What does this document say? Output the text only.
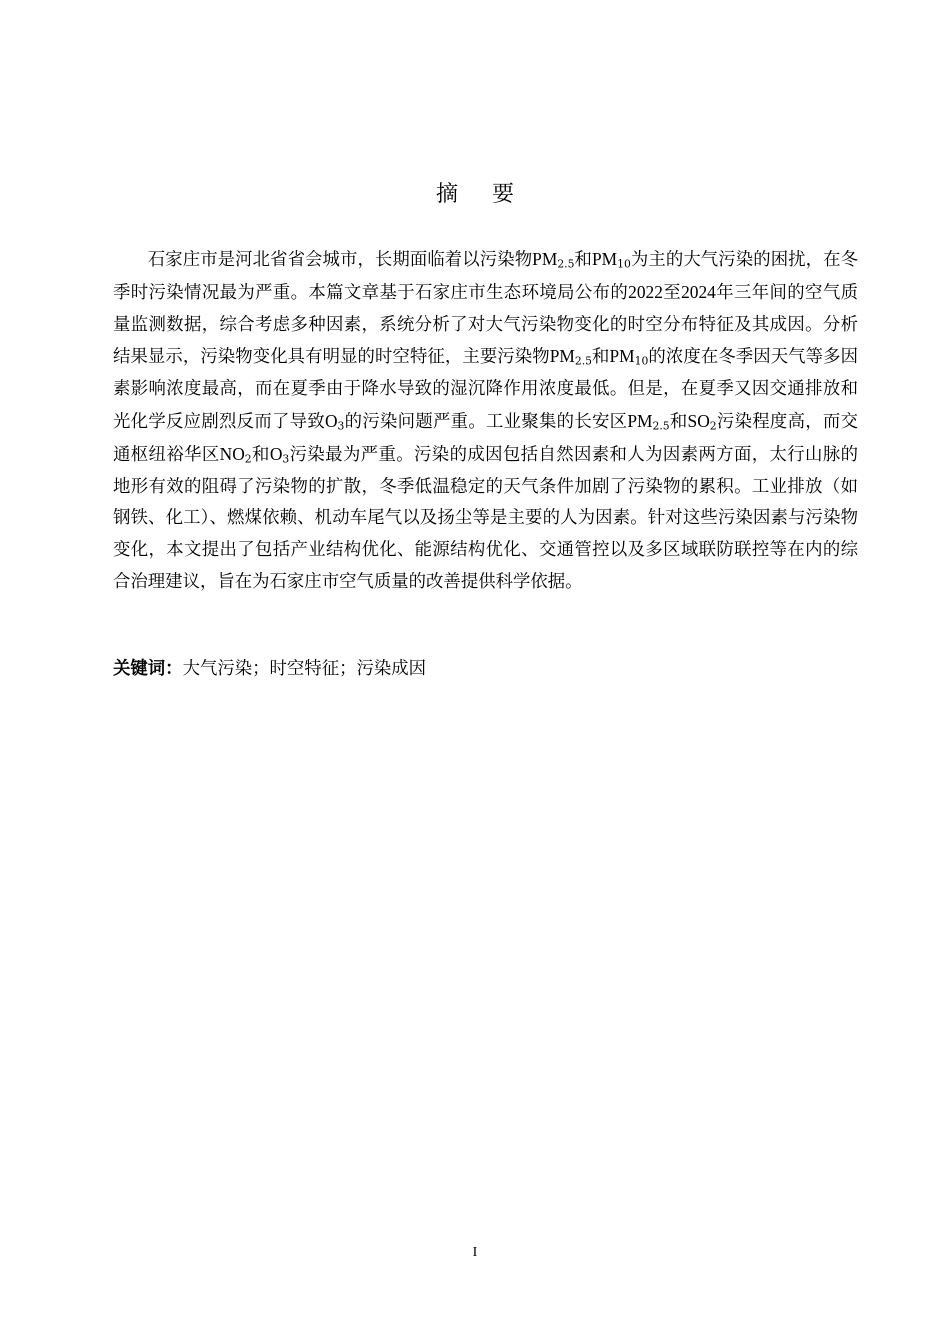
摘要

石家庄市是河北省省会城市，长期面临着以污染物$PM_{2.5}$和$PM_{10}$为主的大气污染的困扰，在冬季时污染情况最为严重。本篇文章基于石家庄市生态环境局公布的2022至2024年三年间的空气质量监测数据，综合考虑多种因素，系统分析了对大气污染物变化的时空分布特征及其成因。分析结果显示，污染物变化具有明显的时空特征，主要污染物$PM_{2.5}$和$PM_{10}$的浓度在冬季因天气等多因素影响浓度最高，而在夏季由于降水导致的湿沉降作用浓度最低。但是，在夏季又因交通排放和光化学反应剧烈反而了导致$O_3$的污染问题严重。工业聚集的长安区$PM_{2.5}$和$SO_2$污染程度高，而交通枢纽裕华区$NO_2$和$O_3$污染最为严重。污染的成因包括自然因素和人为因素两方面，太行山脉的地形有效的阻碍了污染物的扩散，冬季低温稳定的天气条件加剧了污染物的累积。工业排放（如钢铁、化工）、燃煤依赖、机动车尾气以及扬尘等是主要的人为因素。针对这些污染因素与污染物变化，本文提出了包括产业结构优化、能源结构优化、交通管控以及多区域联防联控等在内的综合治理建议，旨在为石家庄市空气质量的改善提供科学依据。

关键词：大气污染；时空特征；污染成因
I
